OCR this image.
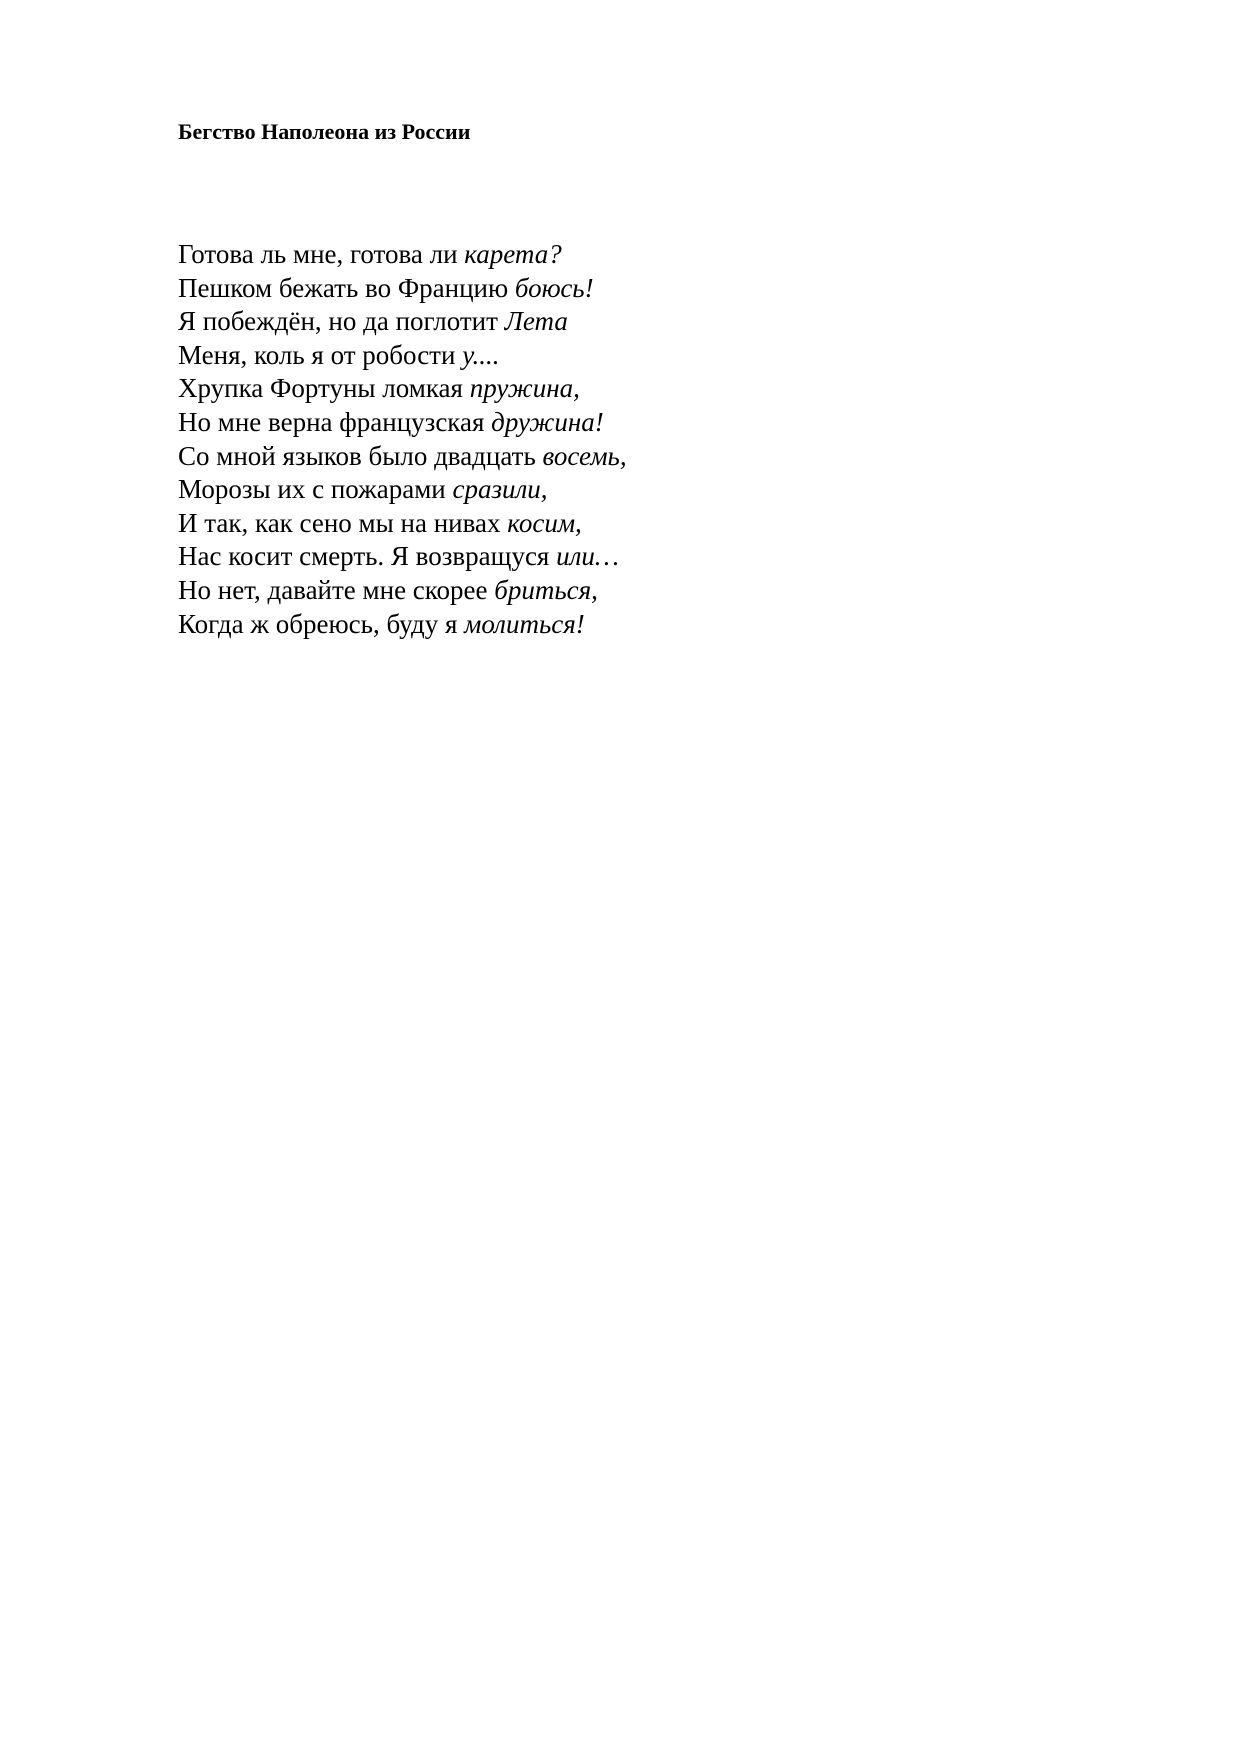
Бегство Наполеона из России
Готова ль мне, готова ли карета?
Пешком бежать во Францию боюсь!
Я побеждён, но да поглотит Лета
Меня, коль я от робости у....
Хрупка Фортуны ломкая пружина,
Но мне верна французская дружина!
Со мной языков было двадцать восемь,
Морозы их с пожарами сразили,
И так, как сено мы на нивах косим,
Нас косит смерть. Я возвращуся или…
Но нет, давайте мне скорее бриться,
Когда ж обреюсь, буду я молиться!
